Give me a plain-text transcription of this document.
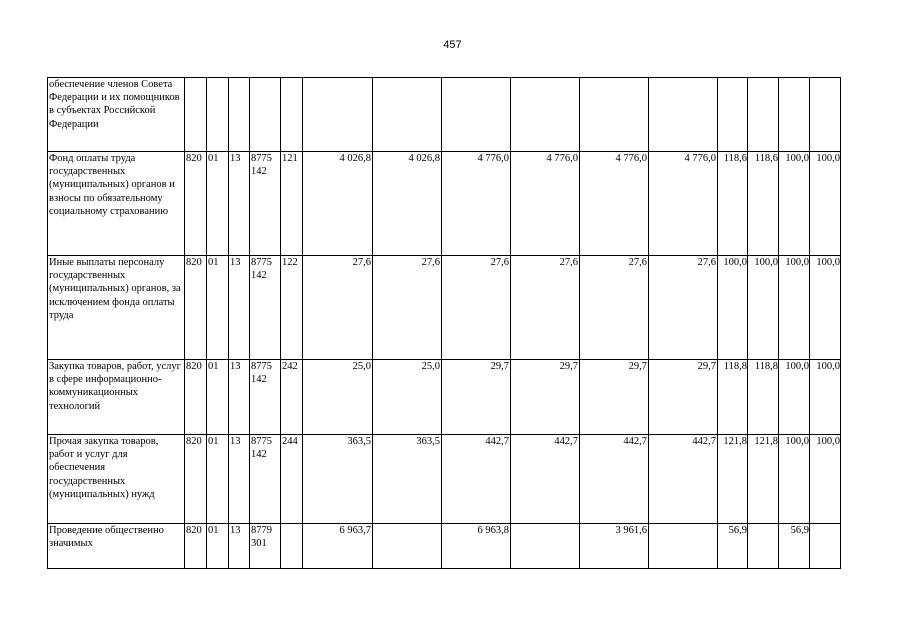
457
обеспечение членов Совета Федерации и их помощников в субъектах Российской Федерации															
Фонд оплаты труда государственных (муниципальных) органов и взносы по обязательному социальному страхованию	820	01	13	8775 142	121	4 026,8	4 026,8	4 776,0	4 776,0	4 776,0	4 776,0	118,6	118,6	100,0	100,0
Иные выплаты персоналу государственных (муниципальных) органов, за исключением фонда оплаты труда	820	01	13	8775 142	122	27,6	27,6	27,6	27,6	27,6	27,6	100,0	100,0	100,0	100,0
Закупка товаров, работ, услуг в сфере информационно-коммуникационных технологий	820	01	13	8775 142	242	25,0	25,0	29,7	29,7	29,7	29,7	118,8	118,8	100,0	100,0
Прочая закупка товаров, работ и услуг для обеспечения государственных (муниципальных) нужд	820	01	13	8775 142	244	363,5	363,5	442,7	442,7	442,7	442,7	121,8	121,8	100,0	100,0
Проведение общественно значимых	820	01	13	8779 301		6 963,7		6 963,8		3 961,6		56,9		56,9	
